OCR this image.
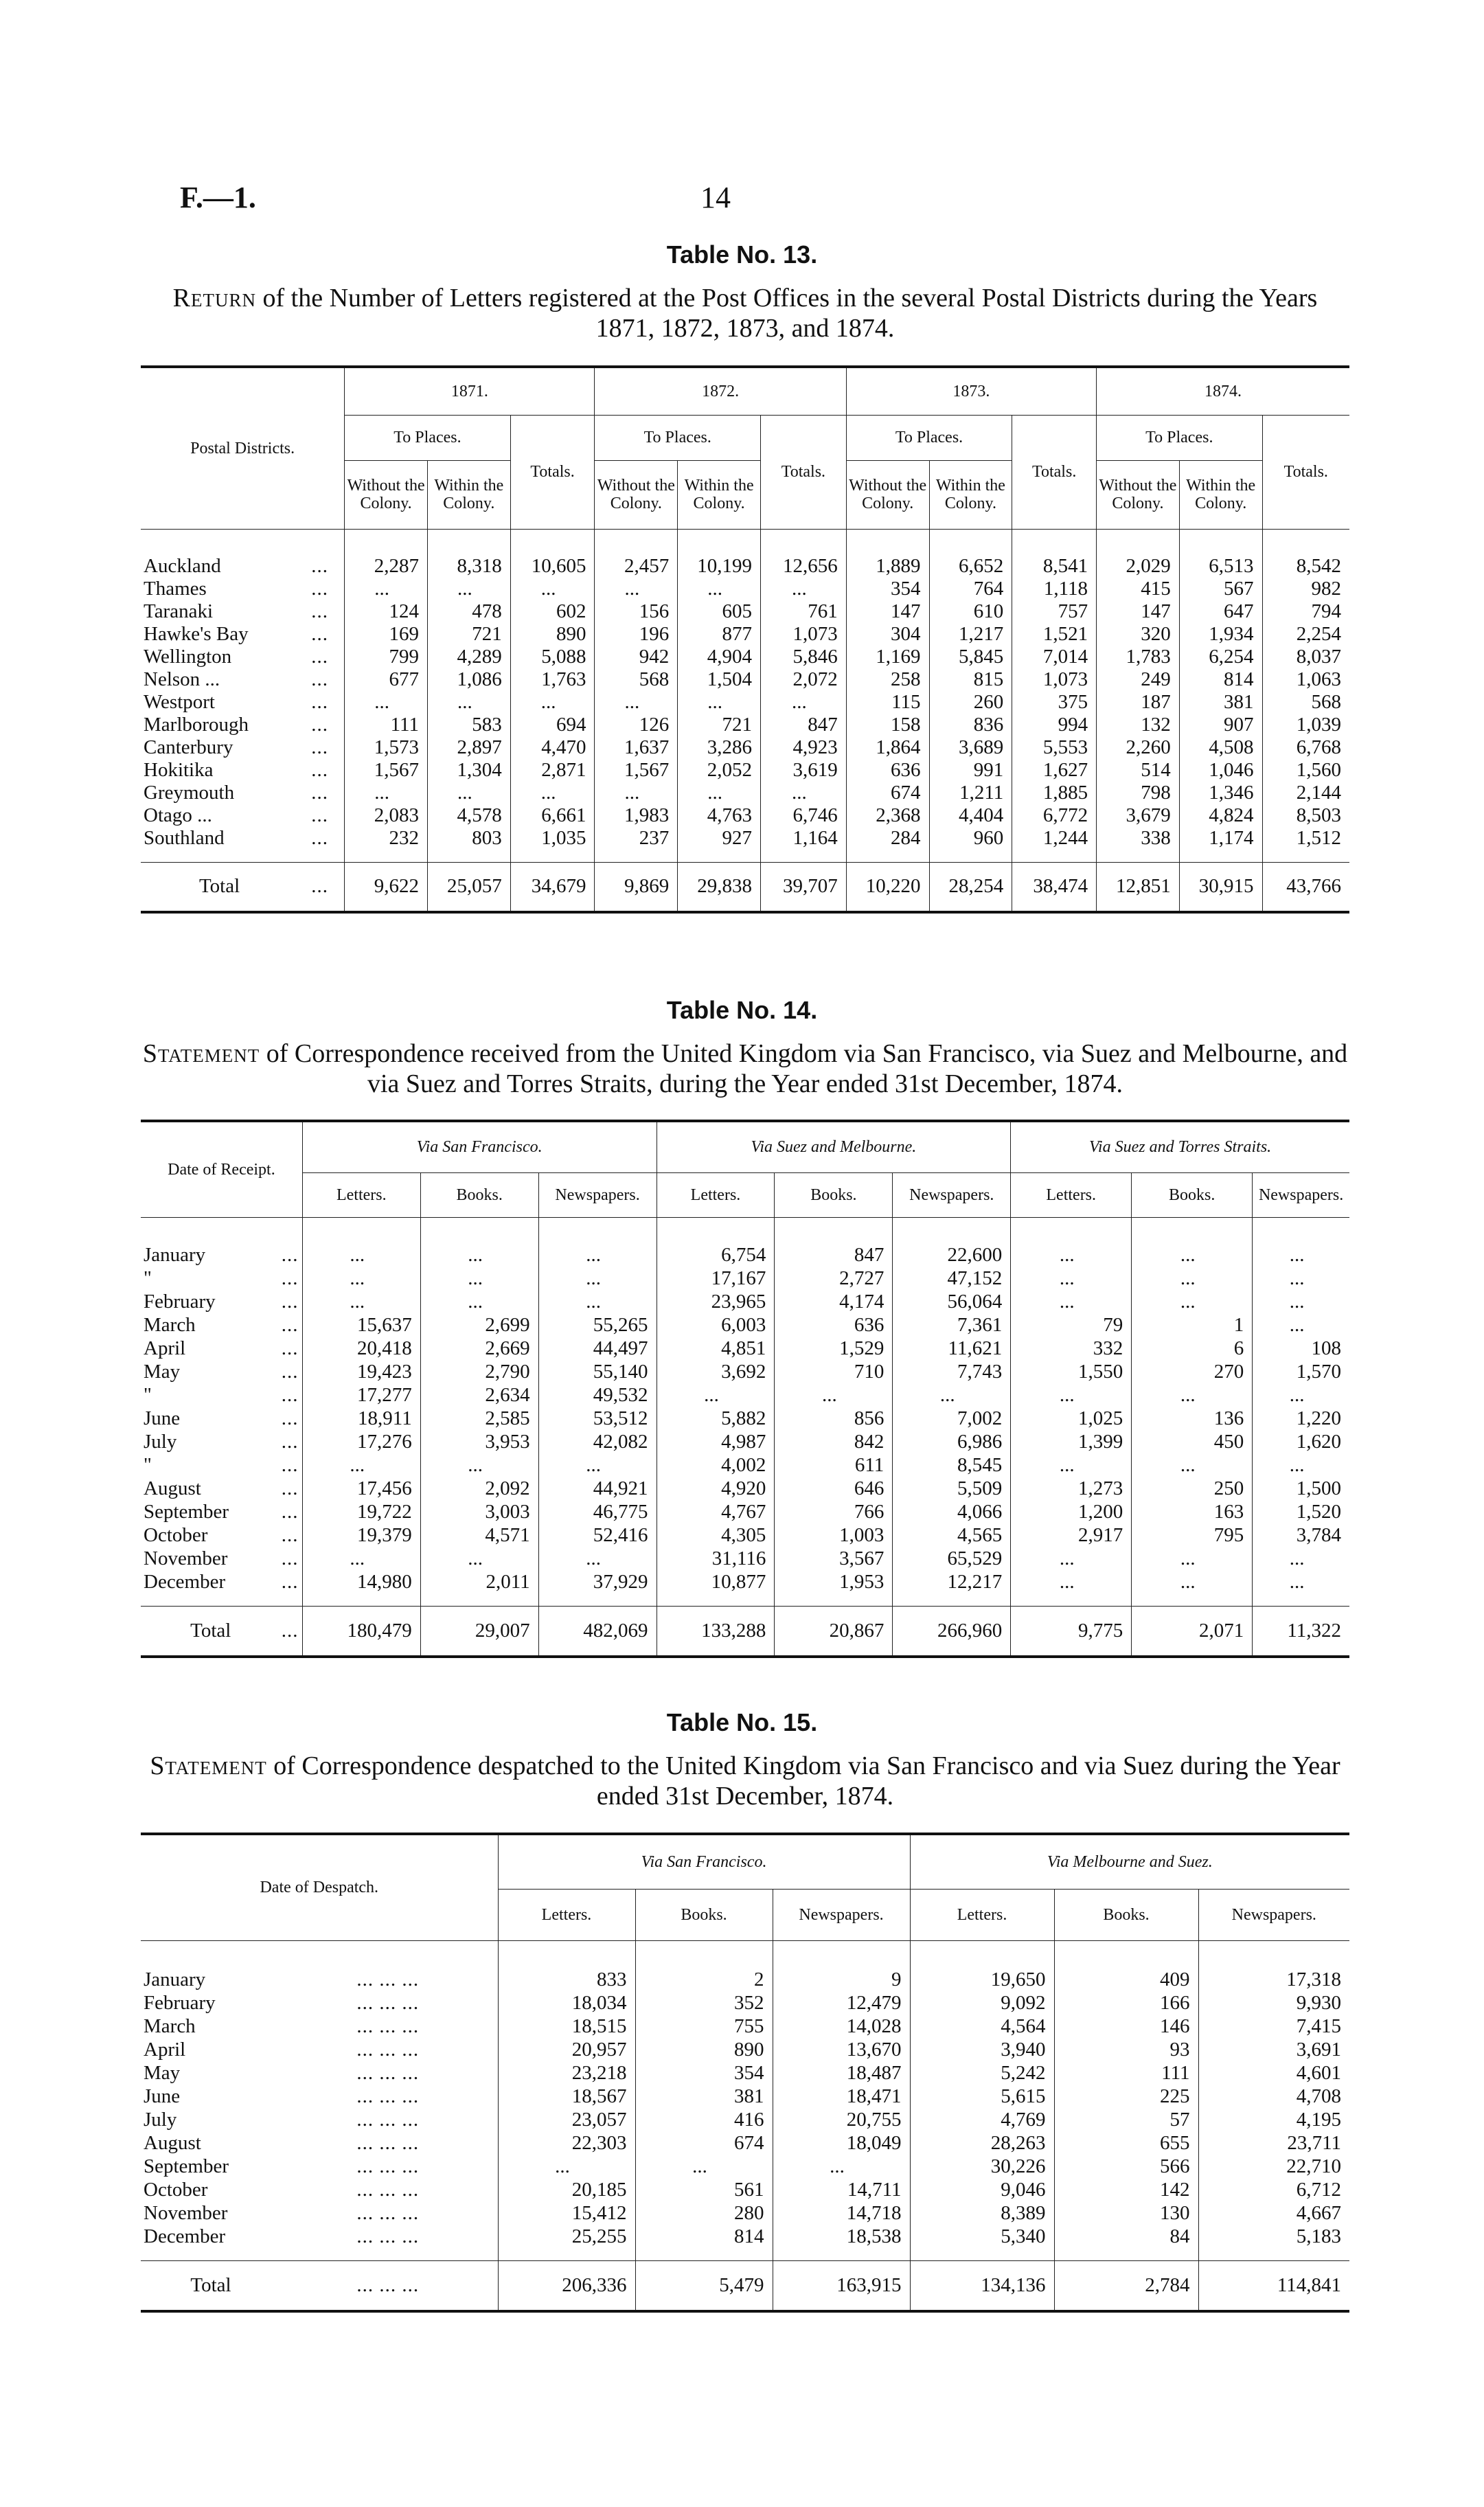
F.—1.	14
Table No. 13.
Return of the Number of Letters registered at the Post Offices in the several Postal Districts during the Years 1871, 1872, 1873, and 1874.
Postal Districts.		1871.			1872.			1873.			1874.		
		To Places.		Totals.	To Places.		Totals.	To Places.		Totals.	To Places.		Totals.
		Without the Colony.	Within the Colony.		Without the Colony.	Within the Colony.		Without the Colony.	Within the Colony.		Without the Colony.	Within the Colony.	

Auckland	...	2,287	8,318	10,605	2,457	10,199	12,656	1,889	6,652	8,541	2,029	6,513	8,542
Thames	...	...	...	...	...	...	...	354	764	1,118	415	567	982
Taranaki	...	124	478	602	156	605	761	147	610	757	147	647	794
Hawke's Bay	...	169	721	890	196	877	1,073	304	1,217	1,521	320	1,934	2,254
Wellington	...	799	4,289	5,088	942	4,904	5,846	1,169	5,845	7,014	1,783	6,254	8,037
Nelson ...	...	677	1,086	1,763	568	1,504	2,072	258	815	1,073	249	814	1,063
Westport	...	...	...	...	...	...	...	115	260	375	187	381	568
Marlborough	...	111	583	694	126	721	847	158	836	994	132	907	1,039
Canterbury	...	1,573	2,897	4,470	1,637	3,286	4,923	1,864	3,689	5,553	2,260	4,508	6,768
Hokitika	...	1,567	1,304	2,871	1,567	2,052	3,619	636	991	1,627	514	1,046	1,560
Greymouth	...	...	...	...	...	...	...	674	1,211	1,885	798	1,346	2,144
Otago ...	...	2,083	4,578	6,661	1,983	4,763	6,746	2,368	4,404	6,772	3,679	4,824	8,503
Southland	...	232	803	1,035	237	927	1,164	284	960	1,244	338	1,174	1,512

Total	...	9,622	25,057	34,679	9,869	29,838	39,707	10,220	28,254	38,474	12,851	30,915	43,766
Table No. 14.
Statement of Correspondence received from the United Kingdom via San Francisco, via Suez and Melbourne, and via Suez and Torres Straits, during the Year ended 31st December, 1874.
Date of Receipt.		Via San Francisco.			Via Suez and Melbourne.			Via Suez and Torres Straits.		
		Letters.	Books.	Newspapers.	Letters.	Books.	Newspapers.	Letters.	Books.	Newspapers.

January	...	...	...	...	6,754	847	22,600	...	...	...
"	...	...	...	...	17,167	2,727	47,152	...	...	...
February	...	...	...	...	23,965	4,174	56,064	...	...	...
March	...	15,637	2,699	55,265	6,003	636	7,361	79	1	...
April	...	20,418	2,669	44,497	4,851	1,529	11,621	332	6	108
May	...	19,423	2,790	55,140	3,692	710	7,743	1,550	270	1,570
"	...	17,277	2,634	49,532	...	...	...	...	...	...
June	...	18,911	2,585	53,512	5,882	856	7,002	1,025	136	1,220
July	...	17,276	3,953	42,082	4,987	842	6,986	1,399	450	1,620
"	...	...	...	...	4,002	611	8,545	...	...	...
August	...	17,456	2,092	44,921	4,920	646	5,509	1,273	250	1,500
September	...	19,722	3,003	46,775	4,767	766	4,066	1,200	163	1,520
October	...	19,379	4,571	52,416	4,305	1,003	4,565	2,917	795	3,784
November	...	...	...	...	31,116	3,567	65,529	...	...	...
December	...	14,980	2,011	37,929	10,877	1,953	12,217	...	...	...

Total	...	180,479	29,007	482,069	133,288	20,867	266,960	9,775	2,071	11,322
Table No. 15.
Statement of Correspondence despatched to the United Kingdom via San Francisco and via Suez during the Year ended 31st December, 1874.
Date of Despatch.		Via San Francisco.			Via Melbourne and Suez.		
		Letters.	Books.	Newspapers.	Letters.	Books.	Newspapers.

January	... ... ...	833	2	9	19,650	409	17,318
February	... ... ...	18,034	352	12,479	9,092	166	9,930
March	... ... ...	18,515	755	14,028	4,564	146	7,415
April	... ... ...	20,957	890	13,670	3,940	93	3,691
May	... ... ...	23,218	354	18,487	5,242	111	4,601
June	... ... ...	18,567	381	18,471	5,615	225	4,708
July	... ... ...	23,057	416	20,755	4,769	57	4,195
August	... ... ...	22,303	674	18,049	28,263	655	23,711
September	... ... ...	...	...	...	30,226	566	22,710
October	... ... ...	20,185	561	14,711	9,046	142	6,712
November	... ... ...	15,412	280	14,718	8,389	130	4,667
December	... ... ...	25,255	814	18,538	5,340	84	5,183

Total	... ... ...	206,336	5,479	163,915	134,136	2,784	114,841
